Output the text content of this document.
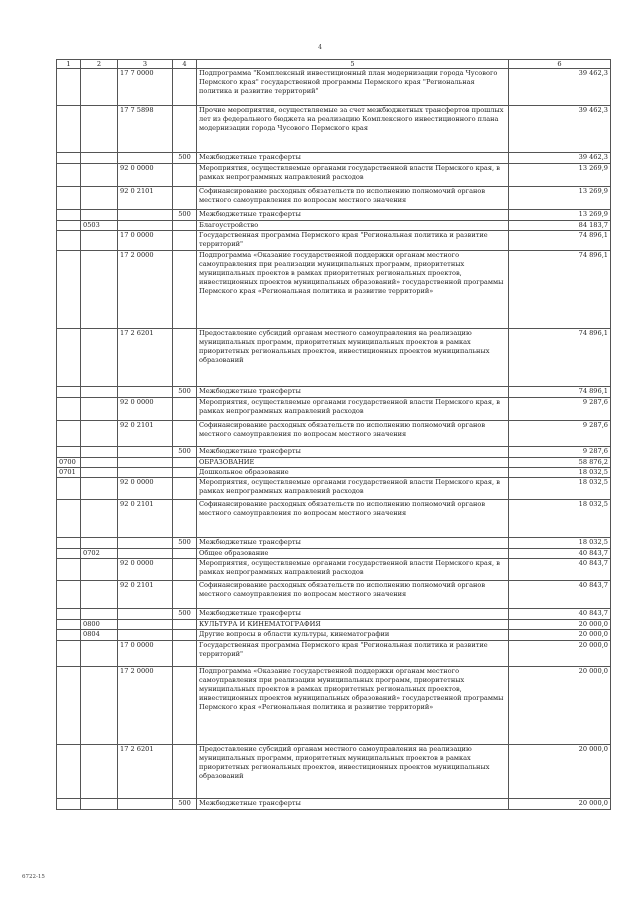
4
1	2	3	4	5	6
		17 7 0000		Подпрограмма "Комплексный инвестиционный план модернизации города Чусового Пермского края" государственной программы Пермского края "Региональная политика и развитие территорий"	39 462,3
		17 7 5898		Прочие мероприятия, осуществляемые за счет межбюджетных трансфертов прошлых лет из федерального бюджета на реализацию Комплексного инвестиционного плана модернизации города Чусового Пермского края	39 462,3
			500	Межбюджетные трансферты	39 462,3
		92 0 0000		Мероприятия, осуществляемые органами государственной власти Пермского края, в рамках непрограммных направлений расходов	13 269,9
		92 0 2101		Софинансирование расходных обязательств по исполнению полномочий органов местного самоуправления по вопросам местного значения	13 269,9
			500	Межбюджетные трансферты	13 269,9
	0503			Благоустройство	84 183,7
		17 0 0000		Государственная программа Пермского края "Региональная политика и развитие территорий"	74 896,1
		17 2 0000		Подпрограмма «Оказание государственной поддержки органам местного самоуправления при реализации муниципальных программ, приоритетных муниципальных проектов в рамках приоритетных региональных проектов, инвестиционных проектов муниципальных образований» государственной программы Пермского края «Региональная политика и развитие территорий»	74 896,1
		17 2 6201		Предоставление субсидий органам местного самоуправления на реализацию муниципальных программ, приоритетных муниципальных проектов в рамках приоритетных региональных проектов, инвестиционных проектов муниципальных образований	74 896,1
			500	Межбюджетные трансферты	74 896,1
		92 0 0000		Мероприятия, осуществляемые органами государственной власти Пермского края, в рамках непрограммных направлений расходов	9 287,6
		92 0 2101		Софинансирование расходных обязательств по исполнению полномочий органов местного самоуправления по вопросам местного значения	9 287,6
			500	Межбюджетные трансферты	9 287,6
0700				ОБРАЗОВАНИЕ	58 876,2
0701				Дошкольное образование	18 032,5
		92 0 0000		Мероприятия, осуществляемые органами государственной власти Пермского края, в рамках непрограммных направлений расходов	18 032,5
		92 0 2101		Софинансирование расходных обязательств по исполнению полномочий органов местного самоуправления по вопросам местного значения	18 032,5
			500	Межбюджетные трансферты	18 032,5
	0702			Общее образование	40 843,7
		92 0 0000		Мероприятия, осуществляемые органами государственной власти Пермского края, в рамках непрограммных направлений расходов	40 843,7
		92 0 2101		Софинансирование расходных обязательств по исполнению полномочий органов местного самоуправления по вопросам местного значения	40 843,7
			500	Межбюджетные трансферты	40 843,7
	0800			КУЛЬТУРА И КИНЕМАТОГРАФИЯ	20 000,0
	0804			Другие вопросы в области культуры, кинематографии	20 000,0
		17 0 0000		Государственная программа Пермского края "Региональная политика и развитие территорий"	20 000,0
		17 2 0000		Подпрограмма «Оказание государственной поддержки органам местного самоуправления при реализации муниципальных программ, приоритетных муниципальных проектов в рамках приоритетных региональных проектов, инвестиционных проектов муниципальных образований» государственной программы Пермского края «Региональная политика и развитие территорий»	20 000,0
		17 2 6201		Предоставление субсидий органам местного самоуправления на реализацию муниципальных программ, приоритетных муниципальных проектов в рамках приоритетных региональных проектов, инвестиционных проектов муниципальных образований	20 000,0
			500	Межбюджетные трансферты	20 000,0
6722-15
